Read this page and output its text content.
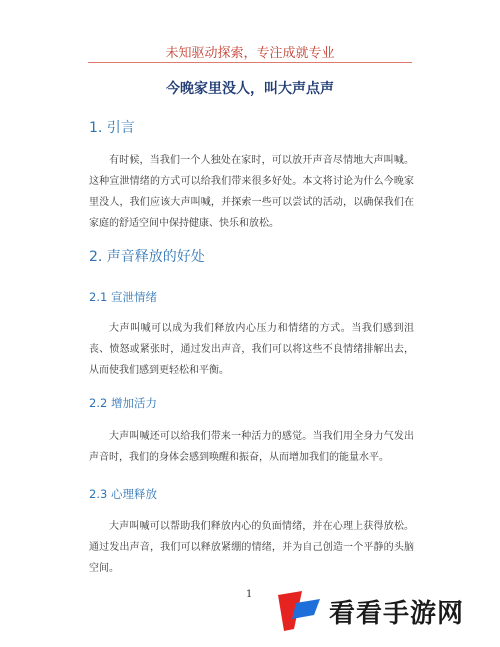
未知驱动探索，专注成就专业
今晚家里没人，叫大声点声
1. 引言
有时候，当我们一个人独处在家时，可以放开声音尽情地大声叫喊。这种宣泄情绪的方式可以给我们带来很多好处。本文将讨论为什么今晚家里没人，我们应该大声叫喊，并探索一些可以尝试的活动，以确保我们在家庭的舒适空间中保持健康、快乐和放松。
2. 声音释放的好处
2.1 宣泄情绪
大声叫喊可以成为我们释放内心压力和情绪的方式。当我们感到沮丧、愤怒或紧张时，通过发出声音，我们可以将这些不良情绪排解出去，从而使我们感到更轻松和平衡。
2.2 增加活力
大声叫喊还可以给我们带来一种活力的感觉。当我们用全身力气发出声音时，我们的身体会感到唤醒和振奋，从而增加我们的能量水平。
2.3 心理释放
大声叫喊可以帮助我们释放内心的负面情绪，并在心理上获得放松。通过发出声音，我们可以释放紧绷的情绪，并为自己创造一个平静的头脑空间。
1
看看手游网
